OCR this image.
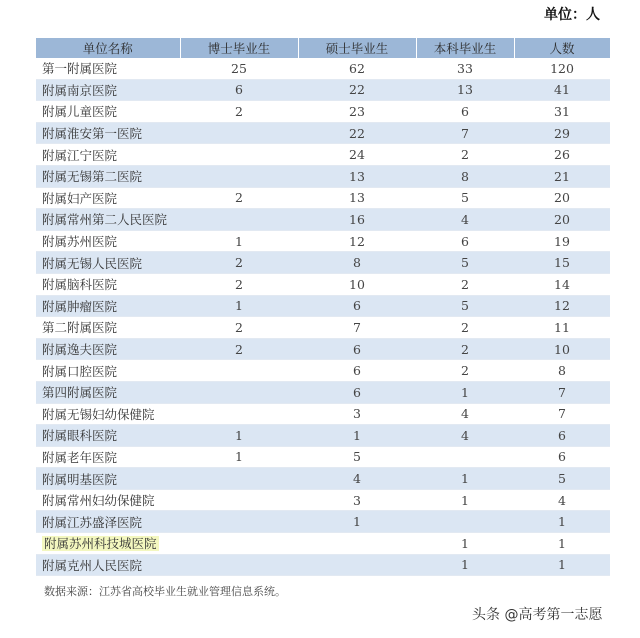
单位：人
单位名称	博士毕业生	硕士毕业生	本科毕业生	人数
第一附属医院	25	62	33	120
附属南京医院	6	22	13	41
附属儿童医院	2	23	6	31
附属淮安第一医院		22	7	29
附属江宁医院		24	2	26
附属无锡第二医院		13	8	21
附属妇产医院	2	13	5	20
附属常州第二人民医院		16	4	20
附属苏州医院	1	12	6	19
附属无锡人民医院	2	8	5	15
附属脑科医院	2	10	2	14
附属肿瘤医院	1	6	5	12
第二附属医院	2	7	2	11
附属逸夫医院	2	6	2	10
附属口腔医院		6	2	8
第四附属医院		6	1	7
附属无锡妇幼保健院		3	4	7
附属眼科医院	1	1	4	6
附属老年医院	1	5		6
附属明基医院		4	1	5
附属常州妇幼保健院		3	1	4
附属江苏盛泽医院		1		1
附属苏州科技城医院			1	1
附属克州人民医院			1	1
数据来源：江苏省高校毕业生就业管理信息系统。
头条 @高考第一志愿
